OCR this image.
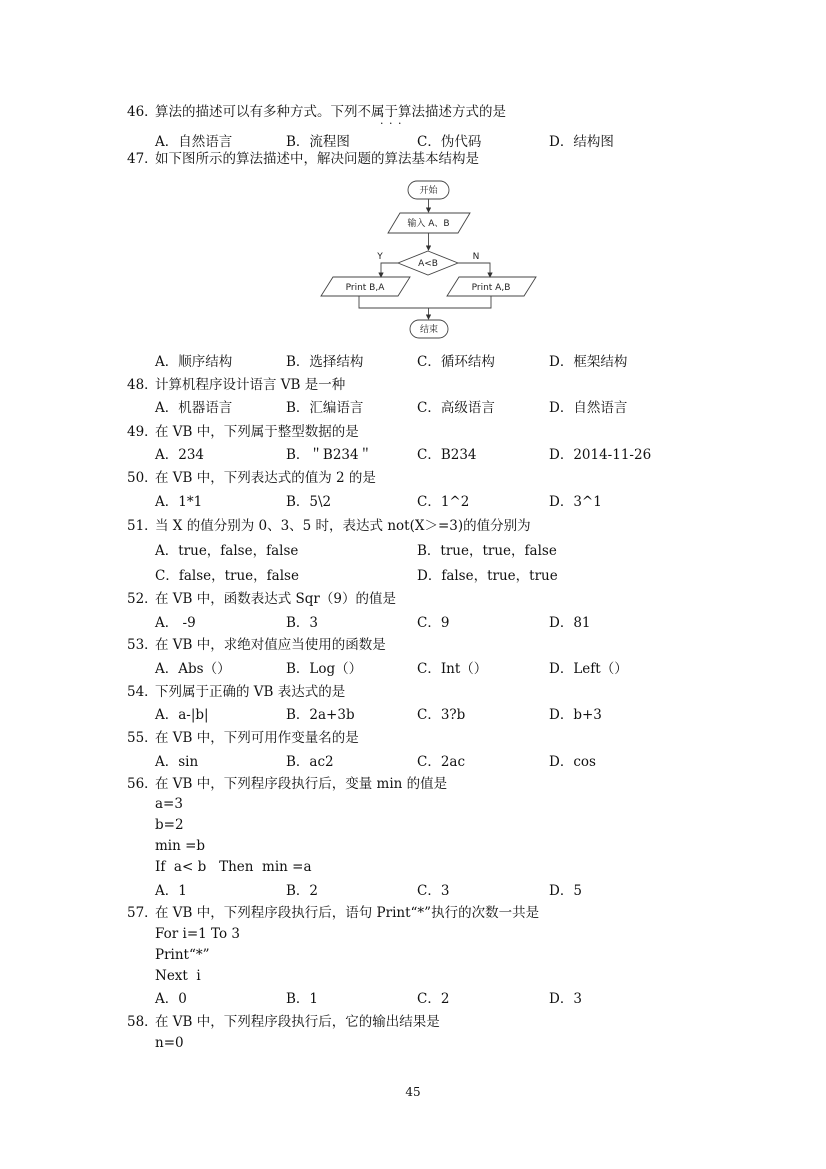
46．
算法的描述可以有多种方式。下列不属于算法描述方式的是
A．自然语言	B．流程图	C．伪代码	D．结构图
47．
如下图所示的算法描述中，解决问题的算法基本结构是
A．顺序结构	B．选择结构	C．循环结构	D．框架结构
48．
计算机程序设计语言 VB 是一种
A．机器语言	B．汇编语言	C．高级语言	D．自然语言
49．
在 VB 中，下列属于整型数据的是
A．234	B．＂B234＂	C．B234	D．2014-11-26
50．
在 VB 中，下列表达式的值为 2 的是
A．1*1	B．5\2	C．1^2	D．3^1
51．
当 X 的值分别为 0、3、5 时，表达式 not(X＞=3)的值分别为
A．true，false，false	B．true，true，false
C．false，true，false	D．false，true，true
52．
在 VB 中，函数表达式 Sqr（9）的值是
A． -9	B．3	C．9	D．81
53．
在 VB 中，求绝对值应当使用的函数是
A．Abs（）	B．Log（）	C．Int（）	D．Left（）
54．
下列属于正确的 VB 表达式的是
A．a-|b|	B．2a+3b	C．3?b	D．b+3
55．
在 VB 中，下列可用作变量名的是
A．sin	B．ac2	C．2ac	D．cos
56．
在 VB 中，下列程序段执行后，变量 min 的值是
a=3
b=2
min =b
If  a< b   Then  min =a
A．1	B．2	C．3	D．5
57．
在 VB 中，下列程序段执行后，语句 Print“*”执行的次数一共是
For i=1 To 3
Print“*”
Next  i
A．0	B．1	C．2	D．3
58．
在 VB 中，下列程序段执行后，它的输出结果是
n=0
· · ·
开始
输入 A、B
A<B
Y	N
Print B,A	Print A,B
结束
45
